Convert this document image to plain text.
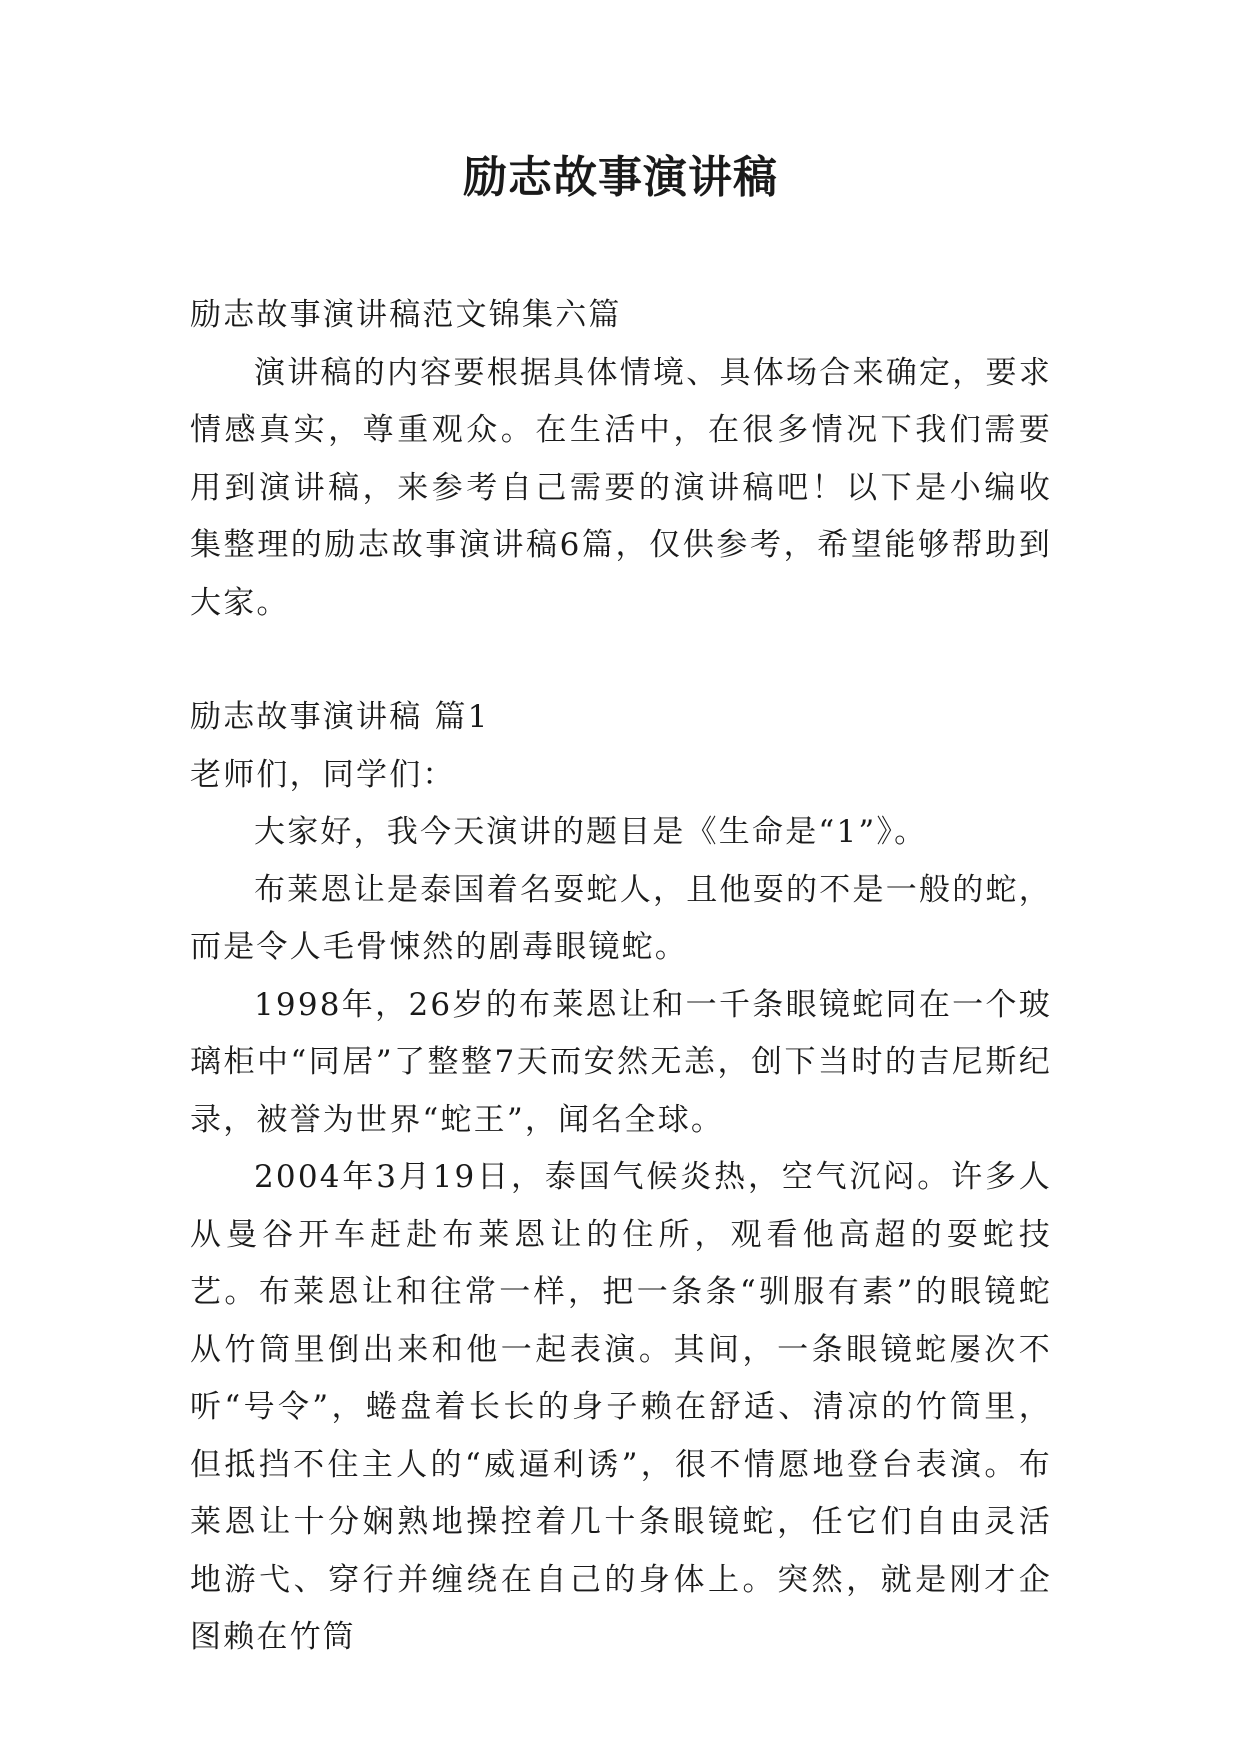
励志故事演讲稿

励志故事演讲稿范文锦集六篇

演讲稿的内容要根据具体情境、具体场合来确定，要求情感真实，尊重观众。在生活中，在很多情况下我们需要用到演讲稿，来参考自己需要的演讲稿吧！以下是小编收集整理的励志故事演讲稿6篇，仅供参考，希望能够帮助到大家。

励志故事演讲稿 篇1

老师们，同学们：

大家好，我今天演讲的题目是《生命是“1”》。

布莱恩让是泰国着名耍蛇人，且他耍的不是一般的蛇，而是令人毛骨悚然的剧毒眼镜蛇。

1998年，26岁的布莱恩让和一千条眼镜蛇同在一个玻璃柜中“同居”了整整7天而安然无恙，创下当时的吉尼斯纪录，被誉为世界“蛇王”，闻名全球。

2004年3月19日，泰国气候炎热，空气沉闷。许多人从曼谷开车赶赴布莱恩让的住所，观看他高超的耍蛇技艺。布莱恩让和往常一样，把一条条“驯服有素”的眼镜蛇从竹筒里倒出来和他一起表演。其间，一条眼镜蛇屡次不听“号令”，蜷盘着长长的身子赖在舒适、清凉的竹筒里，但抵挡不住主人的“威逼利诱”，很不情愿地登台表演。布莱恩让十分娴熟地操控着几十条眼镜蛇，任它们自由灵活地游弋、穿行并缠绕在自己的身体上。突然，就是刚才企图赖在竹筒
